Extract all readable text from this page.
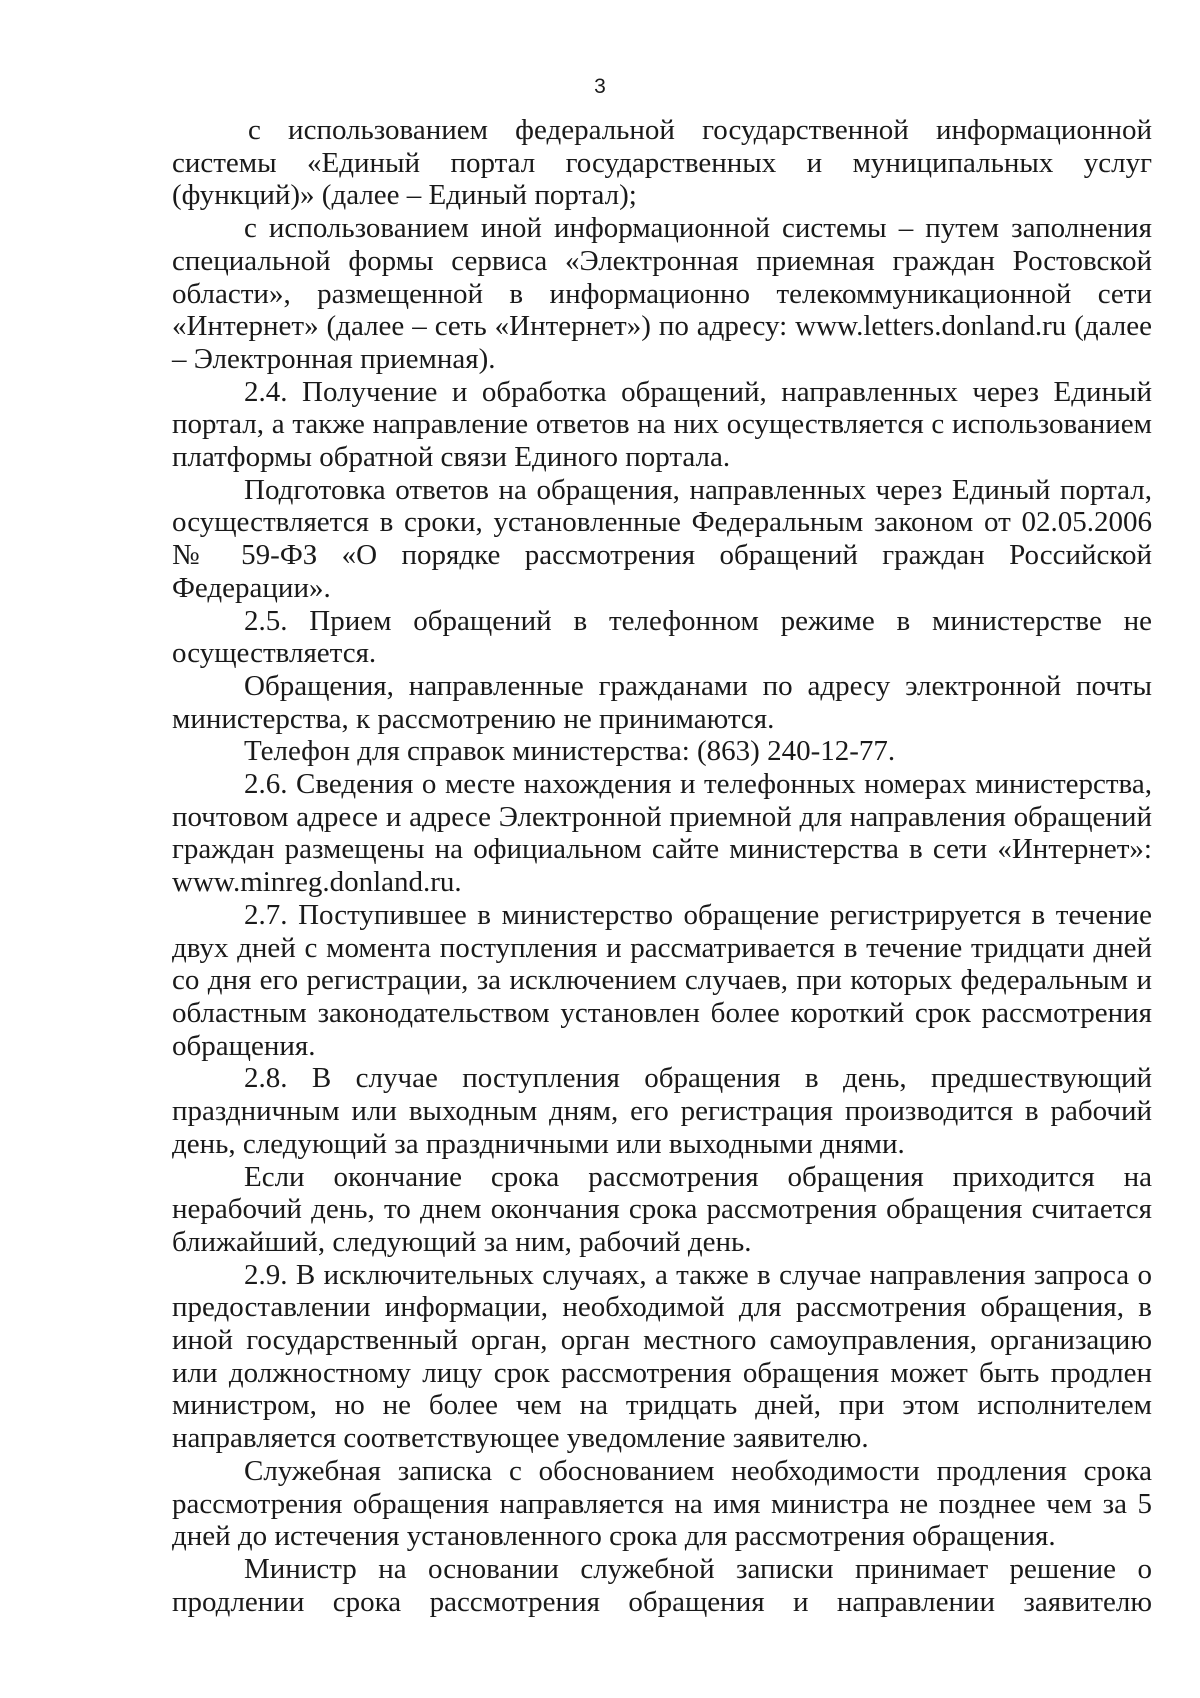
3

с использованием федеральной государственной информационной системы «Единый портал государственных и муниципальных услуг (функций)» (далее – Единый портал);

с использованием иной информационной системы – путем заполнения специальной формы сервиса «Электронная приемная граждан Ростовской области», размещенной в информационно телекоммуникационной сети «Интернет» (далее – сеть «Интернет») по адресу: www.letters.donland.ru (далее – Электронная приемная).

2.4. Получение и обработка обращений, направленных через Единый портал, а также направление ответов на них осуществляется с использованием платформы обратной связи Единого портала.

Подготовка ответов на обращения, направленных через Единый портал, осуществляется в сроки, установленные Федеральным законом от 02.05.2006 № 59-ФЗ «О порядке рассмотрения обращений граждан Российской Федерации».

2.5. Прием обращений в телефонном режиме в министерстве не осуществляется.

Обращения, направленные гражданами по адресу электронной почты министерства, к рассмотрению не принимаются.

Телефон для справок министерства: (863) 240-12-77.

2.6. Сведения о месте нахождения и телефонных номерах министерства, почтовом адресе и адресе Электронной приемной для направления обращений граждан размещены на официальном сайте министерства в сети «Интернет»: www.minreg.donland.ru.

2.7. Поступившее в министерство обращение регистрируется в течение двух дней с момента поступления и рассматривается в течение тридцати дней со дня его регистрации, за исключением случаев, при которых федеральным и областным законодательством установлен более короткий срок рассмотрения обращения.

2.8. В случае поступления обращения в день, предшествующий праздничным или выходным дням, его регистрация производится в рабочий день, следующий за праздничными или выходными днями.

Если окончание срока рассмотрения обращения приходится на нерабочий день, то днем окончания срока рассмотрения обращения считается ближайший, следующий за ним, рабочий день.

2.9. В исключительных случаях, а также в случае направления запроса о предоставлении информации, необходимой для рассмотрения обращения, в иной государственный орган, орган местного самоуправления, организацию или должностному лицу срок рассмотрения обращения может быть продлен министром, но не более чем на тридцать дней, при этом исполнителем направляется соответствующее уведомление заявителю.

Служебная записка с обоснованием необходимости продления срока рассмотрения обращения направляется на имя министра не позднее чем за 5 дней до истечения установленного срока для рассмотрения обращения.

Министр на основании служебной записки принимает решение о продлении срока рассмотрения обращения и направлении заявителю
